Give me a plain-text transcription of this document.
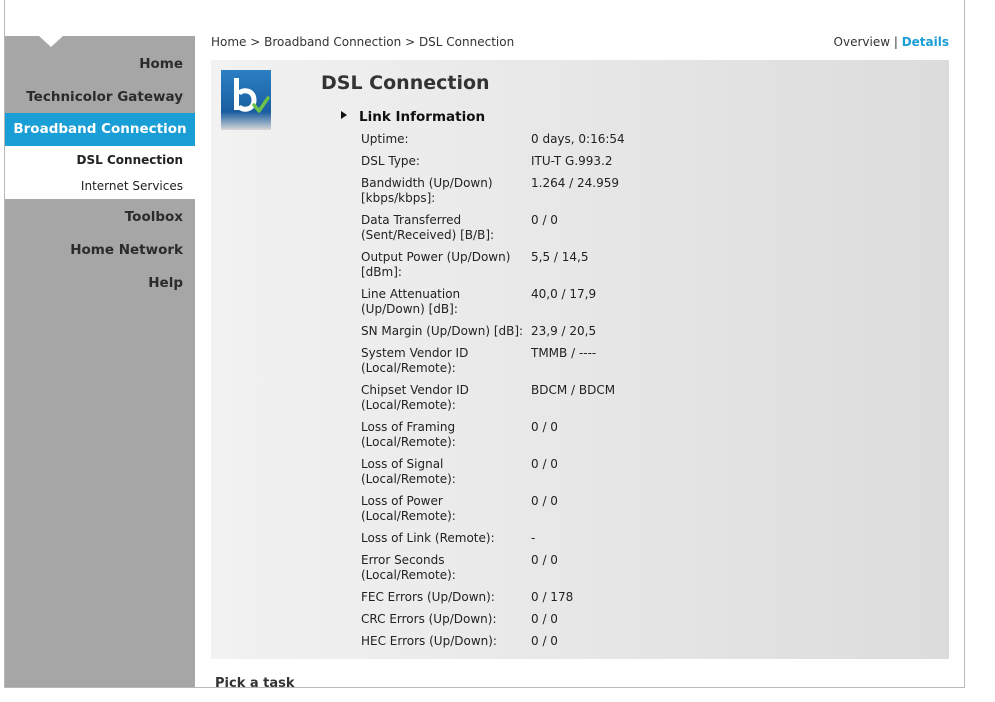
Home
Technicolor Gateway
Broadband Connection
DSL Connection
Internet Services
Toolbox
Home Network
Help
Home > Broadband Connection > DSL Connection	Overview | Details
DSL Connection
Link Information
Uptime:	0 days, 0:16:54
DSL Type:	ITU-T G.993.2
Bandwidth (Up/Down) [kbps/kbps]:
1.264 / 24.959
Data Transferred (Sent/Received) [B/B]:
0 / 0
Output Power (Up/Down) [dBm]:
5,5 / 14,5
Line Attenuation (Up/Down) [dB]:
40,0 / 17,9
SN Margin (Up/Down) [dB]: 23,9 / 20,5
System Vendor ID (Local/Remote):
TMMB / ----
Chipset Vendor ID (Local/Remote):
BDCM / BDCM
Loss of Framing (Local/Remote):
0 / 0
Loss of Signal (Local/Remote):
0 / 0
Loss of Power (Local/Remote):
0 / 0
Loss of Link (Remote):	-
Error Seconds (Local/Remote):
0 / 0
FEC Errors (Up/Down):	0 / 178
CRC Errors (Up/Down):	0 / 0
HEC Errors (Up/Down):	0 / 0
Pick a task
